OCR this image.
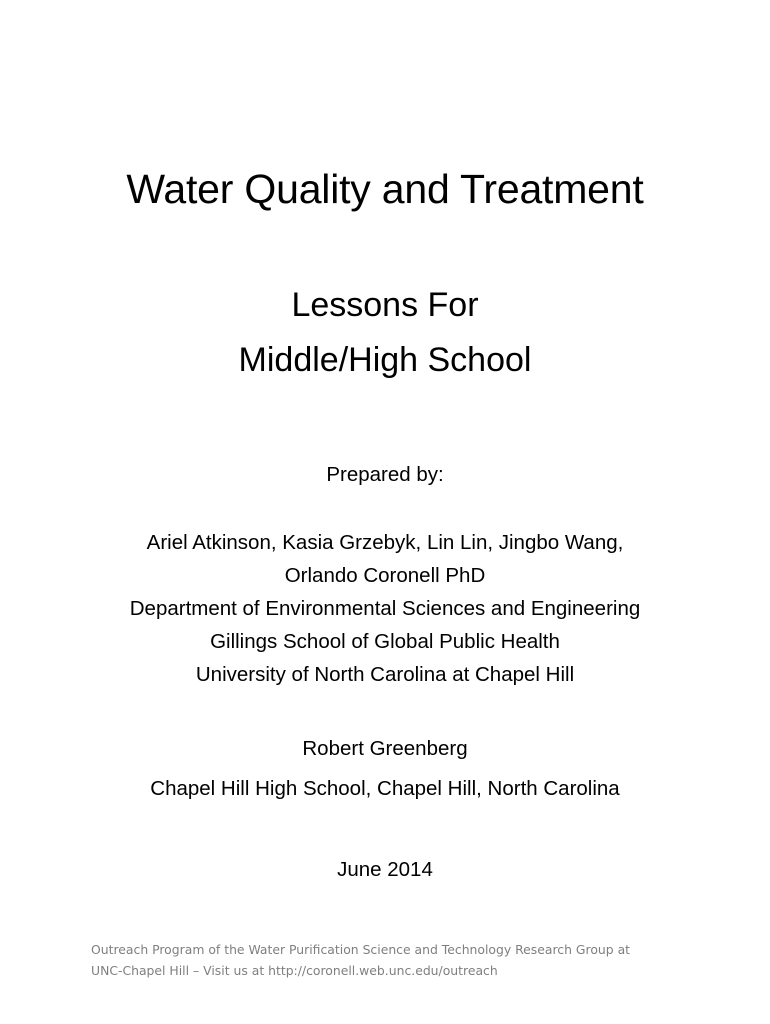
Water Quality and Treatment
Lessons For
Middle/High School
Prepared by:
Ariel Atkinson, Kasia Grzebyk, Lin Lin, Jingbo Wang,
Orlando Coronell PhD
Department of Environmental Sciences and Engineering
Gillings School of Global Public Health
University of North Carolina at Chapel Hill
Robert Greenberg
Chapel Hill High School, Chapel Hill, North Carolina
June 2014
Outreach Program of the Water Purification Science and Technology Research Group at
UNC-Chapel Hill – Visit us at http://coronell.web.unc.edu/outreach
